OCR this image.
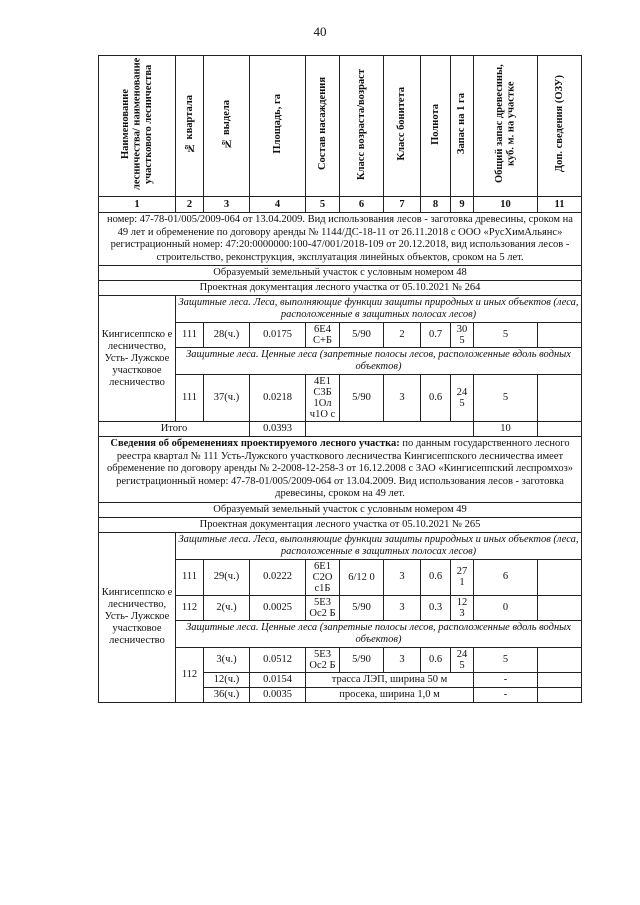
40
Наименование лесничества/ наименование участкового лесничества	№ квартала	№ выдела	Площадь, га	Состав насаждения	Класс возраста/возраст	Класс бонитета	Полнота	Запас на 1 га	Общий запас древесины, куб. м. на участке	Доп. сведения (ОЗУ)
1	2	3	4	5	6	7	8	9	10	11
номер: 47-78-01/005/2009-064 от 13.04.2009. Вид использования лесов - заготовка древесины, сроком на 49 лет и обременение по договору аренды № 1144/ДС-18-11 от 26.11.2018 с ООО «РусХимАльянс» регистрационный номер: 47:20:0000000:100-47/001/2018-109 от 20.12.2018, вид использования лесов - строительство, реконструкция, эксплуатация линейных объектов, сроком на 5 лет.										
Образуемый земельный участок с условным номером 48										
Проектная документация лесного участка от 05.10.2021 № 264										
Кингисеппско е лесничество, Усть- Лужское участковое лесничество	Защитные леса. Леса, выполняющие функции защиты природных и иных объектов (леса, расположенные в защитных полосах лесов)									
	111	28(ч.)	0.0175	6Е4 С+Б	5/90	2	0.7	30 5	5	
	Защитные леса. Ценные леса (запретные полосы лесов, расположенные вдоль водных объектов)									
	111	37(ч.)	0.0218	4Е1 С3Б 1Ол ч1О с	5/90	3	0.6	24 5	5	
Итого			0.0393						10	
Сведения об обременениях проектируемого лесного участка: по данным государственного лесного реестра квартал № 111 Усть-Лужского участкового лесничества Кингисеппского лесничества имеет обременение по договору аренды № 2-2008-12-258-3 от 16.12.2008 с ЗАО «Кингисеппский леспромхоз» регистрационный номер: 47-78-01/005/2009-064 от 13.04.2009. Вид использования лесов - заготовка древесины, сроком на 49 лет.										
Образуемый земельный участок с условным номером 49										
Проектная документация лесного участка от 05.10.2021 № 265										
Кингисеппско е лесничество, Усть- Лужское участковое лесничество	Защитные леса. Леса, выполняющие функции защиты природных и иных объектов (леса, расположенные в защитных полосах лесов)									
	111	29(ч.)	0.0222	6Е1 С2О с1Б	6/12 0	3	0.6	27 1	6	
	112	2(ч.)	0.0025	5Е3 Ос2 Б	5/90	3	0.3	12 3	0	
	Защитные леса. Ценные леса (запретные полосы лесов, расположенные вдоль водных объектов)									
	112	3(ч.)	0.0512	5Е3 Ос2 Б	5/90	3	0.6	24 5	5	
		12(ч.)	0.0154	трасса ЛЭП, ширина 50 м					-	
		36(ч.)	0.0035	просека, ширина 1,0 м					-	
